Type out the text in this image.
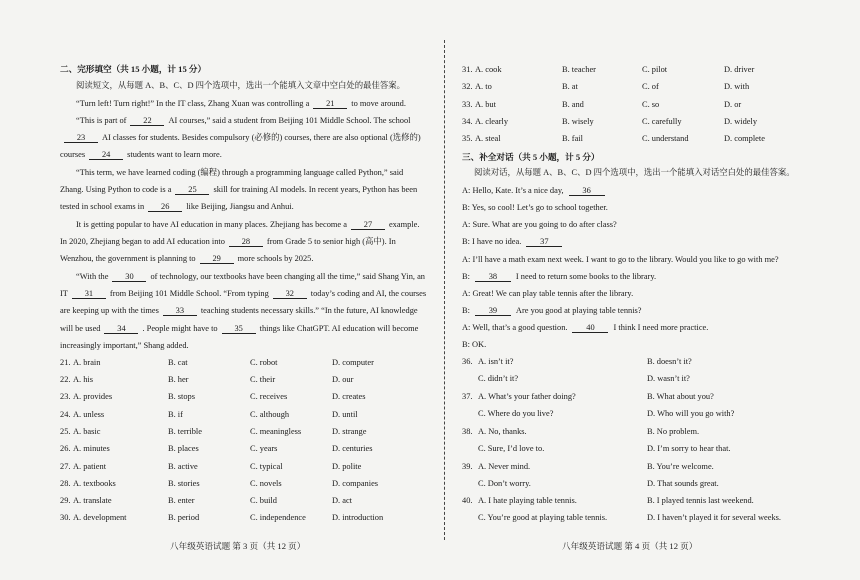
二、完形填空（共 15 小题，计 15 分）
阅读短文，从每题 A、B、C、D 四个选项中，选出一个能填入文章中空白处的最佳答案。
“Turn left! Turn right!” In the IT class, Zhang Xuan was controlling a 21 to move around.
“This is part of 22 AI courses,” said a student from Beijing 101 Middle School. The school
23 AI classes for students. Besides compulsory (必修的) courses, there are also optional (选修的)
courses 24 students want to learn more.
“This term, we have learned coding (编程) through a programming language called Python,” said
Zhang. Using Python to code is a 25 skill for training AI models. In recent years, Python has been
tested in school exams in 26 like Beijing, Jiangsu and Anhui.
It is getting popular to have AI education in many places. Zhejiang has become a 27 example.
In 2020, Zhejiang began to add AI education into 28 from Grade 5 to senior high (高中). In
Wenzhou, the government is planning to 29 more schools by 2025.
“With the 30 of technology, our textbooks have been changing all the time,” said Shang Yin, an
IT 31 from Beijing 101 Middle School. “From typing 32 today’s coding and AI, the courses
are keeping up with the times 33 teaching students necessary skills.” “In the future, AI knowledge
will be used 34 . People might have to 35 things like ChatGPT. AI education will become
increasingly important,” Shang added.
21. A. brain	B. cat	C. robot	D. computer
22. A. his	B. her	C. their	D. our
23. A. provides	B. stops	C. receives	D. creates
24. A. unless	B. if	C. although	D. until
25. A. basic	B. terrible	C. meaningless	D. strange
26. A. minutes	B. places	C. years	D. centuries
27. A. patient	B. active	C. typical	D. polite
28. A. textbooks	B. stories	C. novels	D. companies
29. A. translate	B. enter	C. build	D. act
30. A. development	B. period	C. independence	D. introduction
八年级英语试题 第 3 页（共 12 页）
31. A. cook	B. teacher	C. pilot	D. driver
32. A. to	B. at	C. of	D. with
33. A. but	B. and	C. so	D. or
34. A. clearly	B. wisely	C. carefully	D. widely
35. A. steal	B. fail	C. understand	D. complete
三、补全对话（共 5 小题，计 5 分）
阅读对话，从每题 A、B、C、D 四个选项中，选出一个能填入对话空白处的最佳答案。
A: Hello, Kate. It’s a nice day, 36
B: Yes, so cool! Let’s go to school together.
A: Sure. What are you going to do after class?
B: I have no idea. 37
A: I’ll have a math exam next week. I want to go to the library. Would you like to go with me?
B: 38 I need to return some books to the library.
A: Great! We can play table tennis after the library.
B: 39 Are you good at playing table tennis?
A: Well, that’s a good question. 40 I think I need more practice.
B: OK.
36. A. isn’t it?	B. doesn’t it?
C. didn’t it?	D. wasn’t it?
37. A. What’s your father doing?	B. What about you?
C. Where do you live?	D. Who will you go with?
38. A. No, thanks.	B. No problem.
C. Sure, I’d love to.	D. I’m sorry to hear that.
39. A. Never mind.	B. You’re welcome.
C. Don’t worry.	D. That sounds great.
40. A. I hate playing table tennis.	B. I played tennis last weekend.
C. You’re good at playing table tennis.	D. I haven’t played it for several weeks.
八年级英语试题 第 4 页（共 12 页）
